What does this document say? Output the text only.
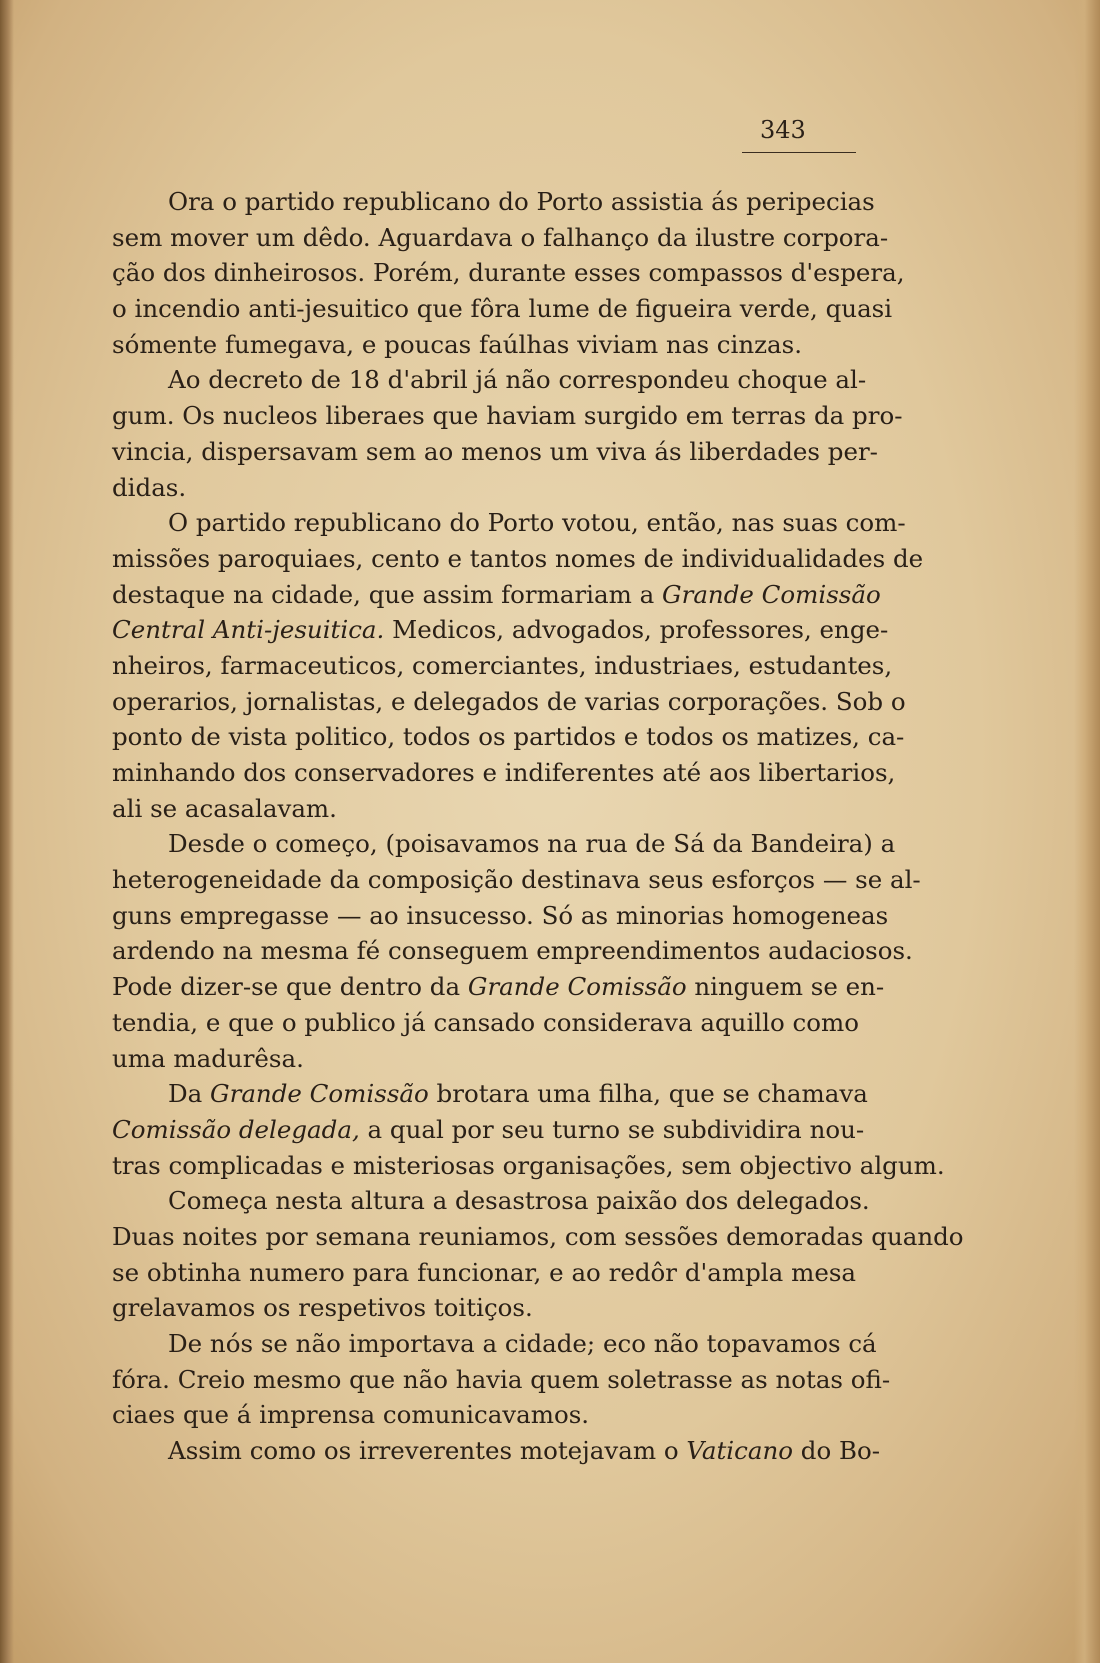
343
Ora o partido republicano do Porto assistia ás peripecias
sem mover um dêdo. Aguardava o falhanço da ilustre corpora-
ção dos dinheirosos. Porém, durante esses compassos d'espera,
o incendio anti-jesuitico que fôra lume de figueira verde, quasi
sómente fumegava, e poucas faúlhas viviam nas cinzas.
Ao decreto de 18 d'abril já não correspondeu choque al-
gum. Os nucleos liberaes que haviam surgido em terras da pro-
vincia, dispersavam sem ao menos um viva ás liberdades per-
didas.
O partido republicano do Porto votou, então, nas suas com-
missões paroquiaes, cento e tantos nomes de individualidades de
destaque na cidade, que assim formariam a Grande Comissão
Central Anti-jesuitica. Medicos, advogados, professores, enge-
nheiros, farmaceuticos, comerciantes, industriaes, estudantes,
operarios, jornalistas, e delegados de varias corporações. Sob o
ponto de vista politico, todos os partidos e todos os matizes, ca-
minhando dos conservadores e indiferentes até aos libertarios,
ali se acasalavam.
Desde o começo, (poisavamos na rua de Sá da Bandeira) a
heterogeneidade da composição destinava seus esforços — se al-
guns empregasse — ao insucesso. Só as minorias homogeneas
ardendo na mesma fé conseguem empreendimentos audaciosos.
Pode dizer-se que dentro da Grande Comissão ninguem se en-
tendia, e que o publico já cansado considerava aquillo como
uma madurêsa.
Da Grande Comissão brotara uma filha, que se chamava
Comissão delegada, a qual por seu turno se subdividira nou-
tras complicadas e misteriosas organisações, sem objectivo algum.
Começa nesta altura a desastrosa paixão dos delegados.
Duas noites por semana reuniamos, com sessões demoradas quando
se obtinha numero para funcionar, e ao redôr d'ampla mesa
grelavamos os respetivos toitiços.
De nós se não importava a cidade; eco não topavamos cá
fóra. Creio mesmo que não havia quem soletrasse as notas ofi-
ciaes que á imprensa comunicavamos.
Assim como os irreverentes motejavam o Vaticano do Bo-
